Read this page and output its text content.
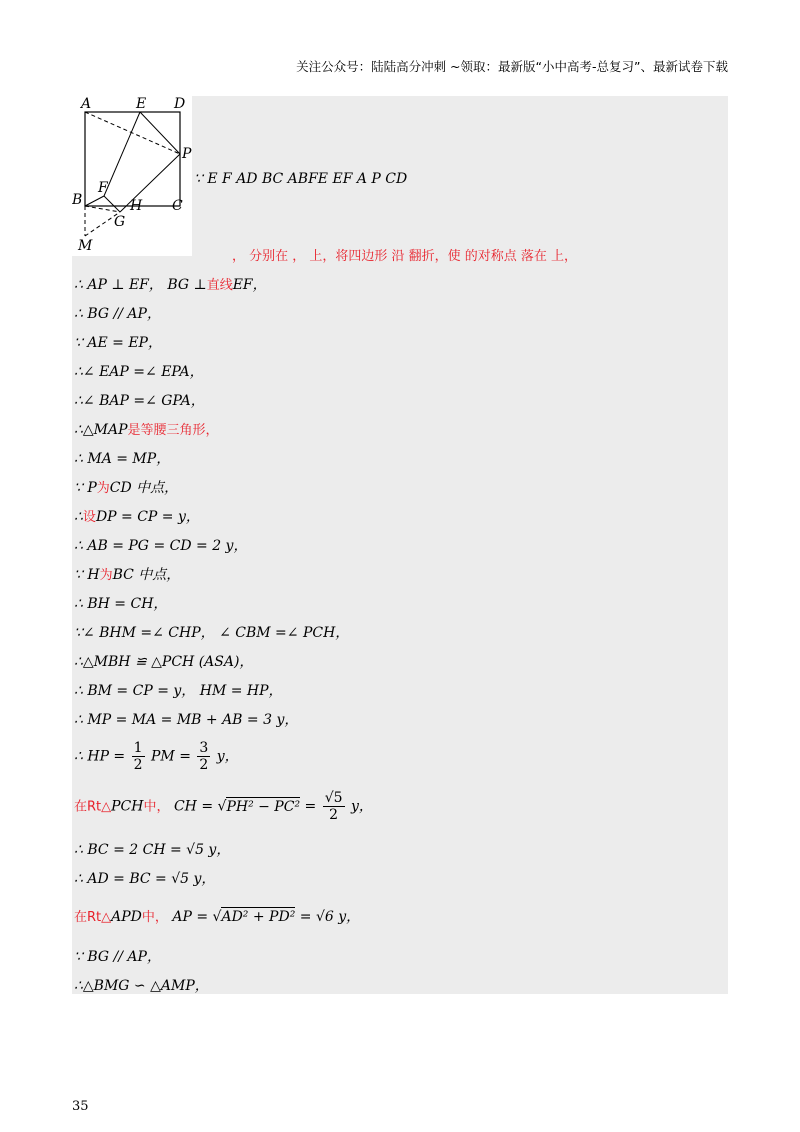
关注公众号：陆陆高分冲刺 ~领取：最新版“小中高考-总复习”、最新试卷下载
A	E D
P
F
B	H C
G
M
∵ E F AD BC ABFE EF A P CD
， 分别在 ， 上，将四边形 沿 翻折，使 的对称点 落在 上，
∴ AP ⊥ EF， BG ⊥直线EF，
∴ BG // AP，
∵ AE = EP，
∴∠ EAP =∠ EPA，
∴∠ BAP =∠ GPA，
∴△MAP是等腰三角形，
∴ MA = MP，
∵ P为CD 中点，
∴设DP = CP = y，
∴ AB = PG = CD = 2 y，
∵ H为BC 中点，
∴ BH = CH，
∵∠ BHM =∠ CHP， ∠ CBM =∠ PCH，
∴△MBH ≌ △PCH (ASA)，
∴ BM = CP = y， HM = HP，
∴ MP = MA = MB + AB = 3 y，
∴ HP = $\frac{1}{2}$ PM = $\frac{3}{2}$ y，
在Rt△PCH中， CH = $√PH^2 - PC^2 = \frac{√5}{2}$ y，
∴ BC = 2 CH = √5 y，
∴ AD = BC = √5 y，
在Rt△APD中， AP = √AD² + PD² = √6 y，
∵ BG // AP，
∴△BMG ∽ △AMP，
35
